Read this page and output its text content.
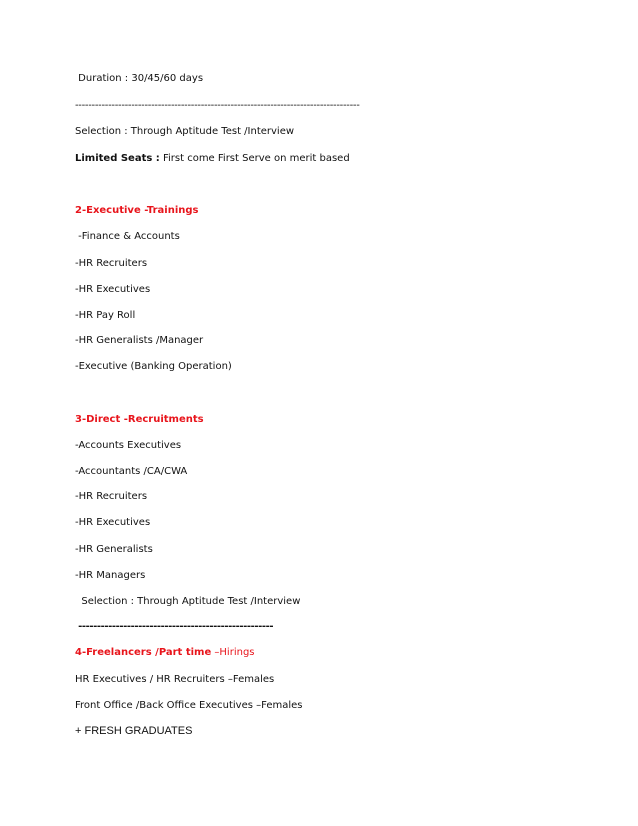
Duration : 30/45/60 days
--------------------------------------------------------------------------------------
Selection : Through Aptitude Test /Interview
Limited Seats : First come First Serve on merit based
2-Executive -Trainings
-Finance & Accounts
-HR Recruiters
-HR Executives
-HR Pay Roll
-HR Generalists /Manager
-Executive (Banking Operation)
3-Direct -Recruitments
-Accounts Executives
-Accountants /CA/CWA
-HR Recruiters
-HR Executives
-HR Generalists
-HR Managers
Selection : Through Aptitude Test /Interview
----------------------------------------------------
4-Freelancers /Part time –Hirings
HR Executives / HR Recruiters –Females
Front Office /Back Office Executives –Females
+ FRESH GRADUATES
